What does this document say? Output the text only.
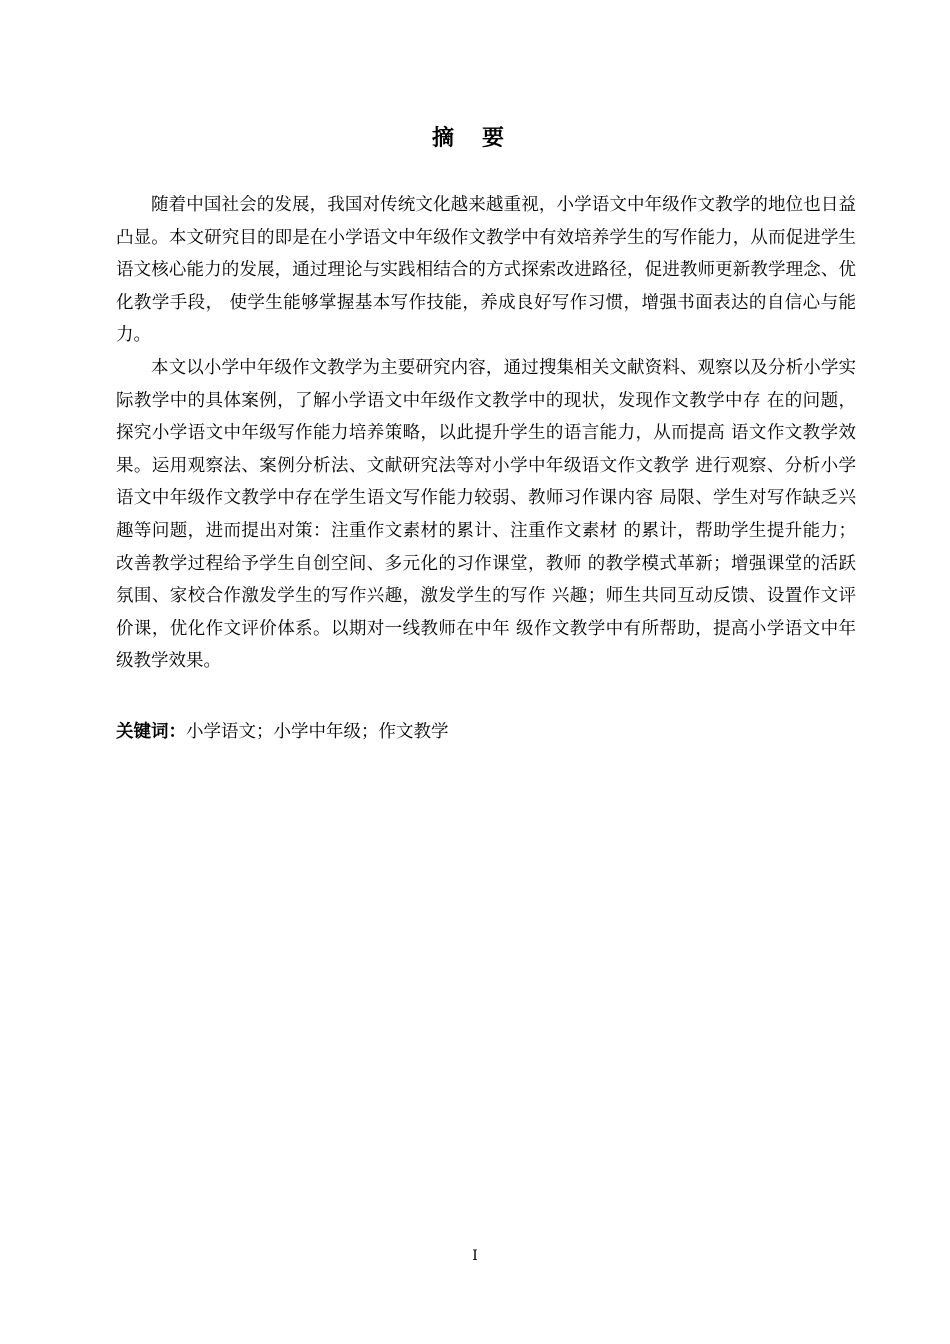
摘要

随着中国社会的发展，我国对传统文化越来越重视，小学语文中年级作文教学的地位也日益凸显。本文研究目的即是在小学语文中年级作文教学中有效培养学生的写作能力，从而促进学生语文核心能力的发展，通过理论与实践相结合的方式探索改进路径，促进教师更新教学理念、优化教学手段， 使学生能够掌握基本写作技能，养成良好写作习惯，增强书面表达的自信心与能力。

本文以小学中年级作文教学为主要研究内容，通过搜集相关文献资料、观察以及分析小学实际教学中的具体案例，了解小学语文中年级作文教学中的现状，发现作文教学中存 在的问题，探究小学语文中年级写作能力培养策略，以此提升学生的语言能力，从而提高 语文作文教学效果。运用观察法、案例分析法、文献研究法等对小学中年级语文作文教学 进行观察、分析小学语文中年级作文教学中存在学生语文写作能力较弱、教师习作课内容 局限、学生对写作缺乏兴趣等问题，进而提出对策：注重作文素材的累计、注重作文素材 的累计，帮助学生提升能力；改善教学过程给予学生自创空间、多元化的习作课堂，教师 的教学模式革新；增强课堂的活跃氛围、家校合作激发学生的写作兴趣，激发学生的写作 兴趣；师生共同互动反馈、设置作文评价课，优化作文评价体系。以期对一线教师在中年 级作文教学中有所帮助，提高小学语文中年级教学效果。

关键词：小学语文；小学中年级；作文教学
I
